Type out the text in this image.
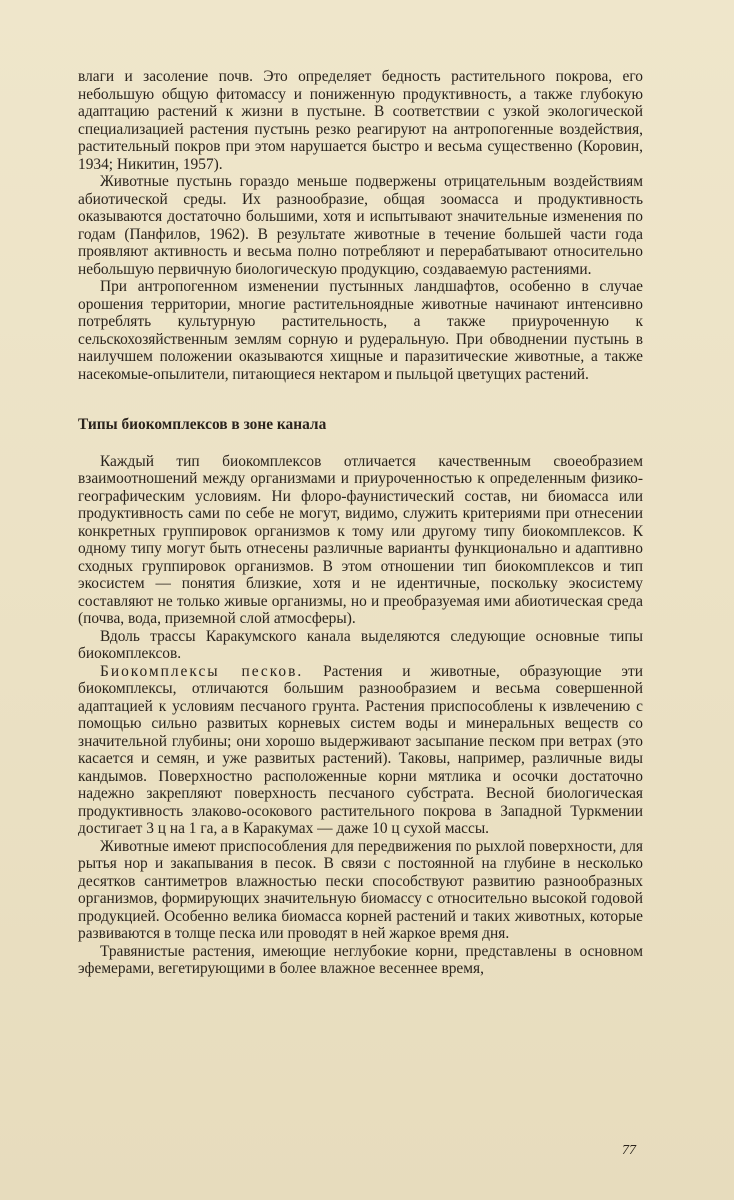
влаги и засоление почв. Это определяет бедность растительного покрова, его небольшую общую фитомассу и пониженную продуктивность, а также глубокую адаптацию растений к жизни в пустыне. В соответствии с узкой экологической специализацией растения пустынь резко реагируют на антропогенные воздействия, растительный покров при этом нарушается быстро и весьма существенно (Коровин, 1934; Никитин, 1957).

Животные пустынь гораздо меньше подвержены отрицательным воздействиям абиотической среды. Их разнообразие, общая зоомасса и продуктивность оказываются достаточно большими, хотя и испытывают значительные изменения по годам (Панфилов, 1962). В результате животные в течение большей части года проявляют активность и весьма полно потребляют и перерабатывают относительно небольшую первичную биологическую продукцию, создаваемую растениями.

При антропогенном изменении пустынных ландшафтов, особенно в случае орошения территории, многие растительноядные животные начинают интенсивно потреблять культурную растительность, а также приуроченную к сельскохозяйственным землям сорную и рудеральную. При обводнении пустынь в наилучшем положении оказываются хищные и паразитические животные, а также насекомые-опылители, питающиеся нектаром и пыльцой цветущих растений.

Типы биокомплексов в зоне канала

Каждый тип биокомплексов отличается качественным своеобразием взаимоотношений между организмами и приуроченностью к определенным физико-географическим условиям. Ни флоро-фаунистический состав, ни биомасса или продуктивность сами по себе не могут, видимо, служить критериями при отнесении конкретных группировок организмов к тому или другому типу биокомплексов. К одному типу могут быть отнесены различные варианты функционально и адаптивно сходных группировок организмов. В этом отношении тип биокомплексов и тип экосистем — понятия близкие, хотя и не идентичные, поскольку экосистему составляют не только живые организмы, но и преобразуемая ими абиотическая среда (почва, вода, приземной слой атмосферы).

Вдоль трассы Каракумского канала выделяются следующие основные типы биокомплексов.

Биокомплексы песков. Растения и животные, образующие эти биокомплексы, отличаются большим разнообразием и весьма совершенной адаптацией к условиям песчаного грунта. Растения приспособлены к извлечению с помощью сильно развитых корневых систем воды и минеральных веществ со значительной глубины; они хорошо выдерживают засыпание песком при ветрах (это касается и семян, и уже развитых растений). Таковы, например, различные виды кандымов. Поверхностно расположенные корни мятлика и осочки достаточно надежно закрепляют поверхность песчаного субстрата. Весной биологическая продуктивность злаково-осокового растительного покрова в Западной Туркмении достигает 3 ц на 1 га, а в Каракумах — даже 10 ц сухой массы.

Животные имеют приспособления для передвижения по рыхлой поверхности, для рытья нор и закапывания в песок. В связи с постоянной на глубине в несколько десятков сантиметров влажностью пески способствуют развитию разнообразных организмов, формирующих значительную биомассу с относительно высокой годовой продукцией. Особенно велика биомасса корней растений и таких животных, которые развиваются в толще песка или проводят в ней жаркое время дня.

Травянистые растения, имеющие неглубокие корни, представлены в основном эфемерами, вегетирующими в более влажное весеннее время,

77
